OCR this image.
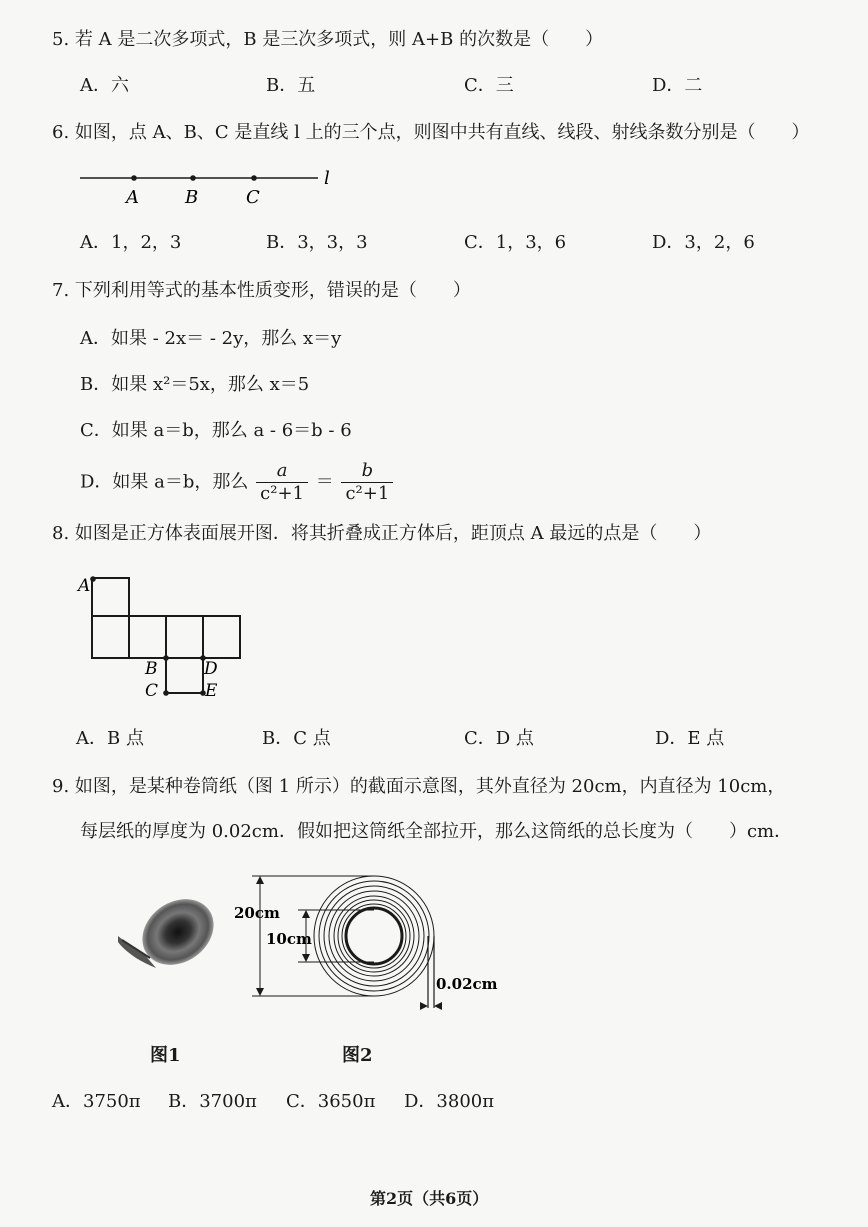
5. 若 A 是二次多项式，B 是三次多项式，则 A+B 的次数是（　　）
A．六	B．五	C．三	D．二
6. 如图，点 A、B、C 是直线 l 上的三个点，则图中共有直线、线段、射线条数分别是（　　）
A	B	C
l
A．1，2，3	B．3，3，3	C．1，3，6	D．3，2，6
7. 下列利用等式的基本性质变形，错误的是（　　）
A．如果 - 2x＝ - 2y，那么 x＝y
B．如果 x²＝5x，那么 x＝5
C．如果 a＝b，那么 a - 6＝b - 6
D．如果 a＝b，那么 $\frac{a}{\text{c²+1}} = \frac{b}{\text{c²+1}}$
8. 如图是正方体表面展开图．将其折叠成正方体后，距顶点 A 最远的点是（　　）
A
B
C
D
E
A．B 点	B．C 点	C．D 点	D．E 点
9. 如图，是某种卷筒纸（图 1 所示）的截面示意图，其外直径为 20cm，内直径为 10cm，
每层纸的厚度为 0.02cm．假如把这筒纸全部拉开，那么这筒纸的总长度为（　　）cm．
20cm
10cm
0.02cm
图1	图2
A．3750π B．3700π C．3650π D．3800π
第2页（共6页）
